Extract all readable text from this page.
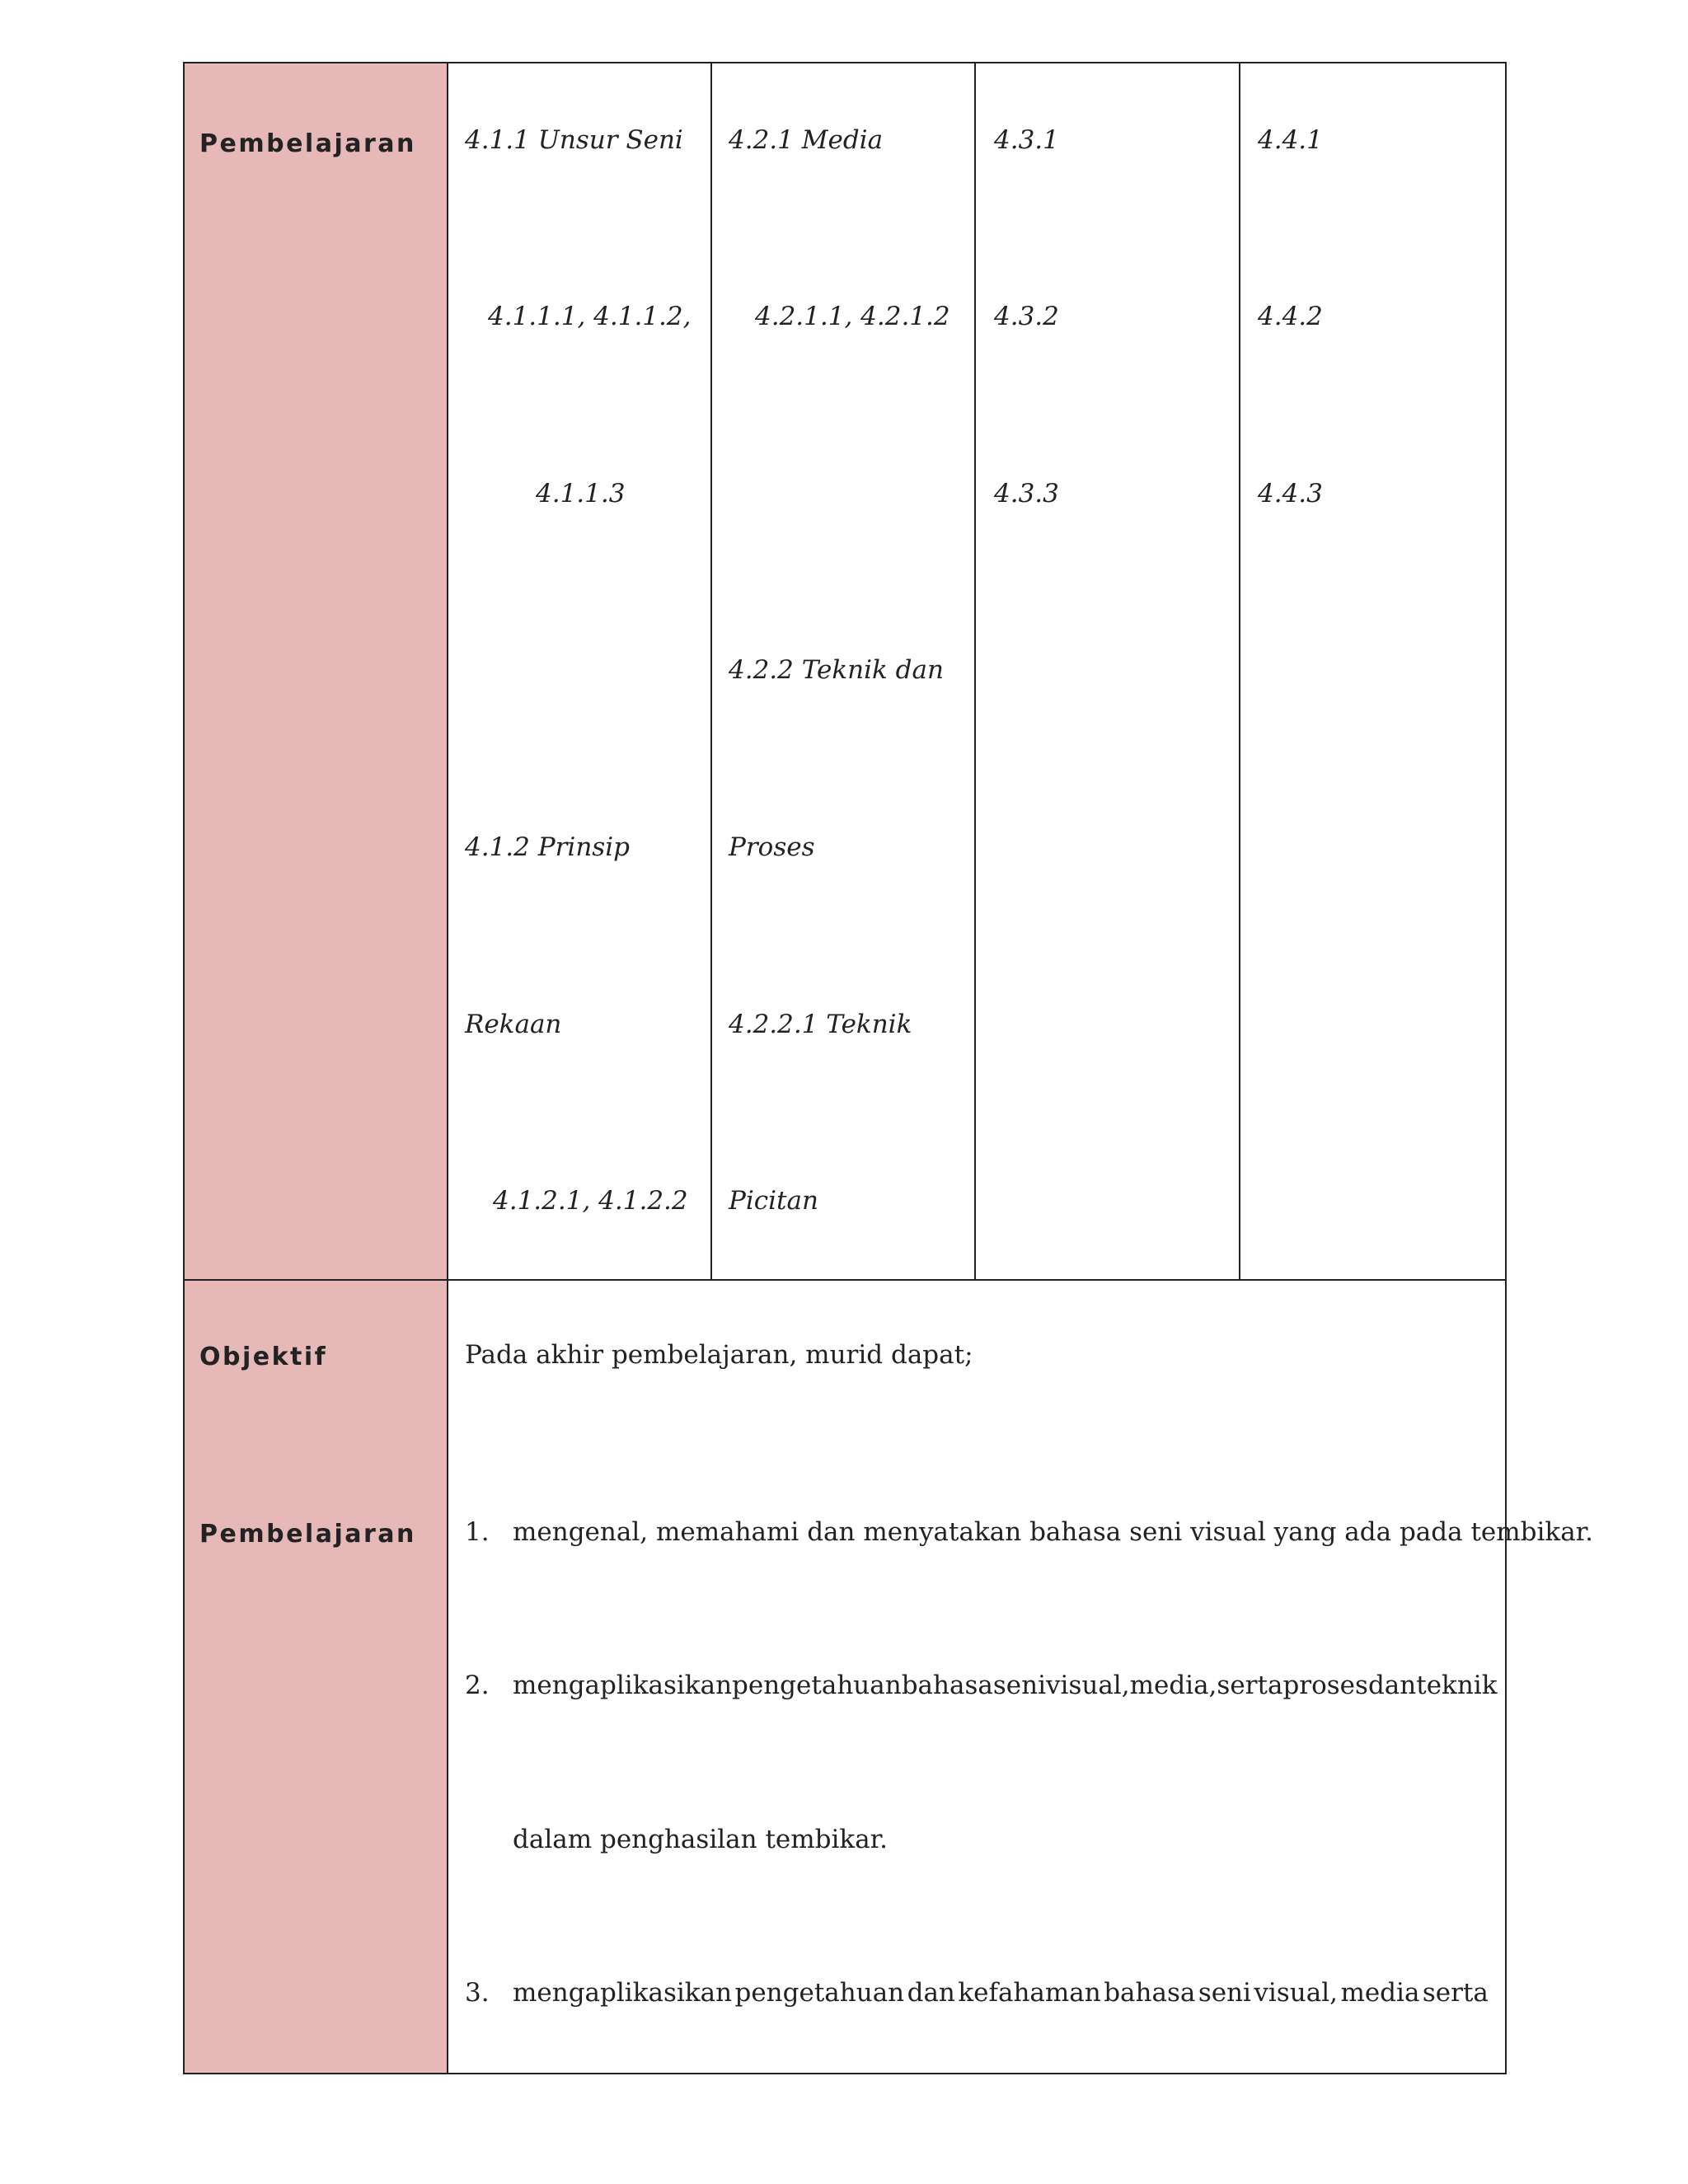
Pembelajaran 4.1.1 Unsur Seni
4.1.1.1, 4.1.1.2,
4.1.1.3
4.1.2 Prinsip
Rekaan
4.1.2.1, 4.1.2.2
4.2.1 Media
4.2.1.1, 4.2.1.2
4.2.2 Teknik dan
Proses
4.2.2.1 Teknik
Picitan
4.3.1
4.3.2
4.3.3
4.4.1
4.4.2
4.4.3
Objektif
Pembelajaran
Pada akhir pembelajaran, murid dapat;
1. mengenal, memahami dan menyatakan bahasa seni visual yang ada pada tembikar.
2. mengaplikasikan pengetahuan bahasa seni visual, media, serta proses dan teknik
dalam penghasilan tembikar.
3. mengaplikasikan pengetahuan dan kefahaman bahasa seni visual, media serta
